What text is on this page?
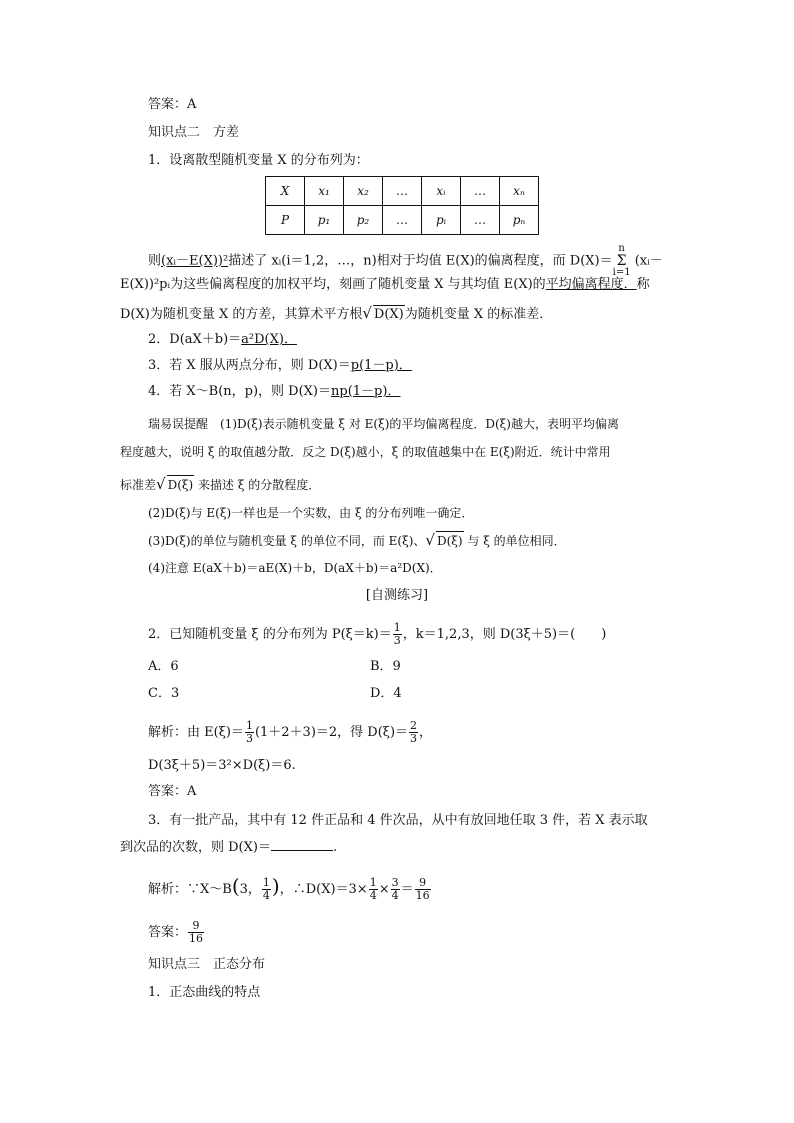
答案：A
知识点二　方差
1．设离散型随机变量 X 的分布列为：
X	x₁	x₂	…	xᵢ	…	xₙ
P	p₁	p₂	…	pᵢ	…	pₙ
则(xᵢ－E(X))²描述了 xᵢ(i＝1,2，…，n)相对于均值 E(X)的偏离程度，而 D(X)＝n
Σ
i=1 (xᵢ－
E(X))²pᵢ为这些偏离程度的加权平均，刻画了随机变量 X 与其均值 E(X)的平均偏离程度．称
D(X)为随机变量 X 的方差，其算术平方根√ D(X)为随机变量 X 的标准差．
2．D(aX＋b)＝a²D(X)．
3．若 X 服从两点分布，则 D(X)＝p(1－p)．
4．若 X～B(n，p)，则 D(X)＝np(1－p)．
瑞易误提醒　(1)D(ξ)表示随机变量 ξ 对 E(ξ)的平均偏离程度．D(ξ)越大，表明平均偏离
程度越大，说明 ξ 的取值越分散．反之 D(ξ)越小，ξ 的取值越集中在 E(ξ)附近．统计中常用
标准差√ D(ξ) 来描述 ξ 的分散程度．
(2)D(ξ)与 E(ξ)一样也是一个实数，由 ξ 的分布列唯一确定．
(3)D(ξ)的单位与随机变量 ξ 的单位不同，而 E(ξ)、√ D(ξ) 与 ξ 的单位相同．
(4)注意 E(aX＋b)＝aE(X)＋b，D(aX＋b)＝a²D(X)．
[自测练习]
2．已知随机变量 ξ 的分布列为 $P(\xi=k)= \frac{1}{3}$ ，k＝1,2,3，则 D(3ξ＋5)＝(　　)
A．6	B．9
C．3	D．4
解析：由 $E(\xi)= \frac{1}{3} (1+2+3)=2$，得 $D(\xi)= \frac{2}{3}$ ，
D(3ξ＋5)＝3²×D(ξ)＝6.
答案：A
3．有一批产品，其中有 12 件正品和 4 件次品，从中有放回地任取 3 件，若 X 表示取
到次品的次数，则 D(X)＝	.
解析：∵X～B(3， $\frac{1}{4}$ )，∴D(X)＝3× $\frac{1}{4} \times \frac{3}{4} = \frac{9}{16}$
答案： $\frac{9}{16}$
知识点三　正态分布
1．正态曲线的特点
